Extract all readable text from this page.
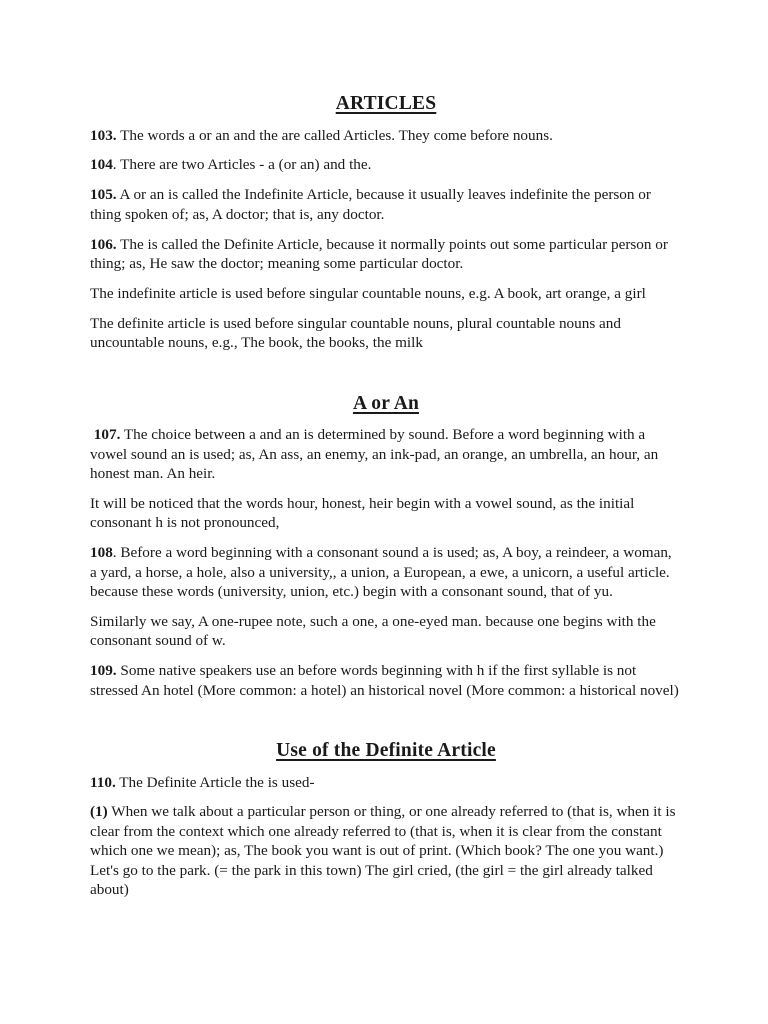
ARTICLES

103. The words a or an and the are called Articles. They come before nouns.

104. There are two Articles - a (or an) and the.

105. A or an is called the Indefinite Article, because it usually leaves indefinite the person or thing spoken of; as, A doctor; that is, any doctor.

106. The is called the Definite Article, because it normally points out some particular person or thing; as, He saw the doctor; meaning some particular doctor.

The indefinite article is used before singular countable nouns, e.g. A book, art orange, a girl

The definite article is used before singular countable nouns, plural countable nouns and uncountable nouns, e.g., The book, the books, the milk

A or An

107. The choice between a and an is determined by sound. Before a word beginning with a vowel sound an is used; as, An ass, an enemy, an ink-pad, an orange, an umbrella, an hour, an honest man. An heir.

It will be noticed that the words hour, honest, heir begin with a vowel sound, as the initial consonant h is not pronounced,

108. Before a word beginning with a consonant sound a is used; as, A boy, a reindeer, a woman, a yard, a horse, a hole, also a university,, a union, a European, a ewe, a unicorn, a useful article. because these words (university, union, etc.) begin with a consonant sound, that of yu.

Similarly we say, A one-rupee note, such a one, a one-eyed man. because one begins with the consonant sound of w.

109. Some native speakers use an before words beginning with h if the first syllable is not stressed An hotel (More common: a hotel) an historical novel (More common: a historical novel)

Use of the Definite Article

110. The Definite Article the is used-

(1) When we talk about a particular person or thing, or one already referred to (that is, when it is clear from the context which one already referred to (that is, when it is clear from the constant which one we mean); as, The book you want is out of print. (Which book? The one you want.) Let's go to the park. (= the park in this town) The girl cried, (the girl = the girl already talked about)
